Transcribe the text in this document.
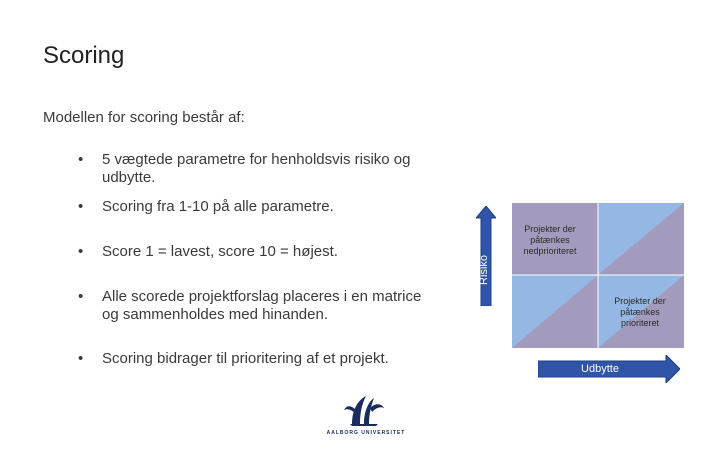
Scoring
Modellen for scoring består af:
•	5 vægtede parametre for henholdsvis risiko og udbytte.
•	Scoring fra 1-10 på alle parametre.
•	Score 1 = lavest, score 10 = højest.
•	Alle scorede projektforslag placeres i en matrice og sammenholdes med hinanden.
•	Scoring bidrager til prioritering af et projekt.
Projekter der påtænkes nedprioriteret
Projekter der påtænkes prioriteret
Risiko
Udbytte
AALBORG UNIVERSITET
